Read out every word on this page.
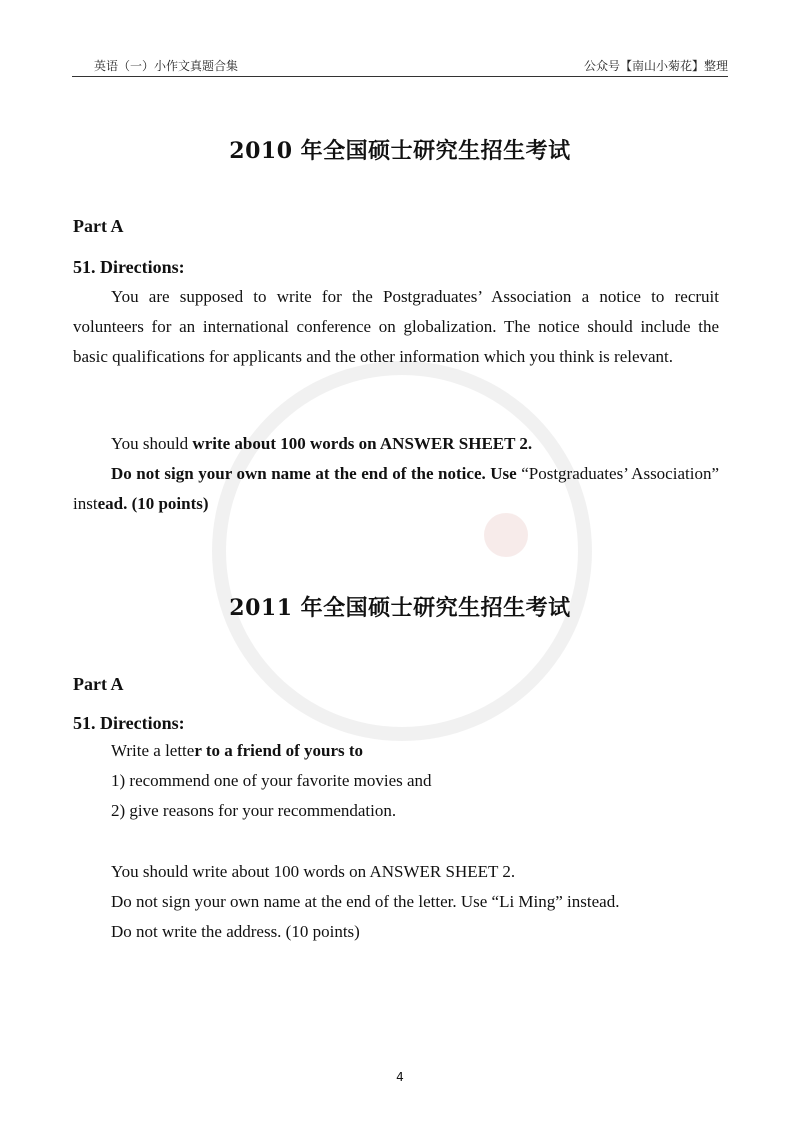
英语（一）小作文真题合集	公众号【南山小菊花】整理
2010 年全国硕士研究生招生考试
Part A
51. Directions:

You are supposed to write for the Postgraduates’ Association a notice to recruit volunteers for an international conference on globalization. The notice should include the basic qualifications for applicants and the other information which you think is relevant.

You should write about 100 words on ANSWER SHEET 2.

Do not sign your own name at the end of the notice. Use “Postgraduates’ Association” instead. (10 points)

2011 年全国硕士研究生招生考试
Part A
51. Directions:

Write a letter to a friend of yours to

1) recommend one of your favorite movies and

2) give reasons for your recommendation.

You should write about 100 words on ANSWER SHEET 2.

Do not sign your own name at the end of the letter. Use “Li Ming” instead.

Do not write the address. (10 points)

4
